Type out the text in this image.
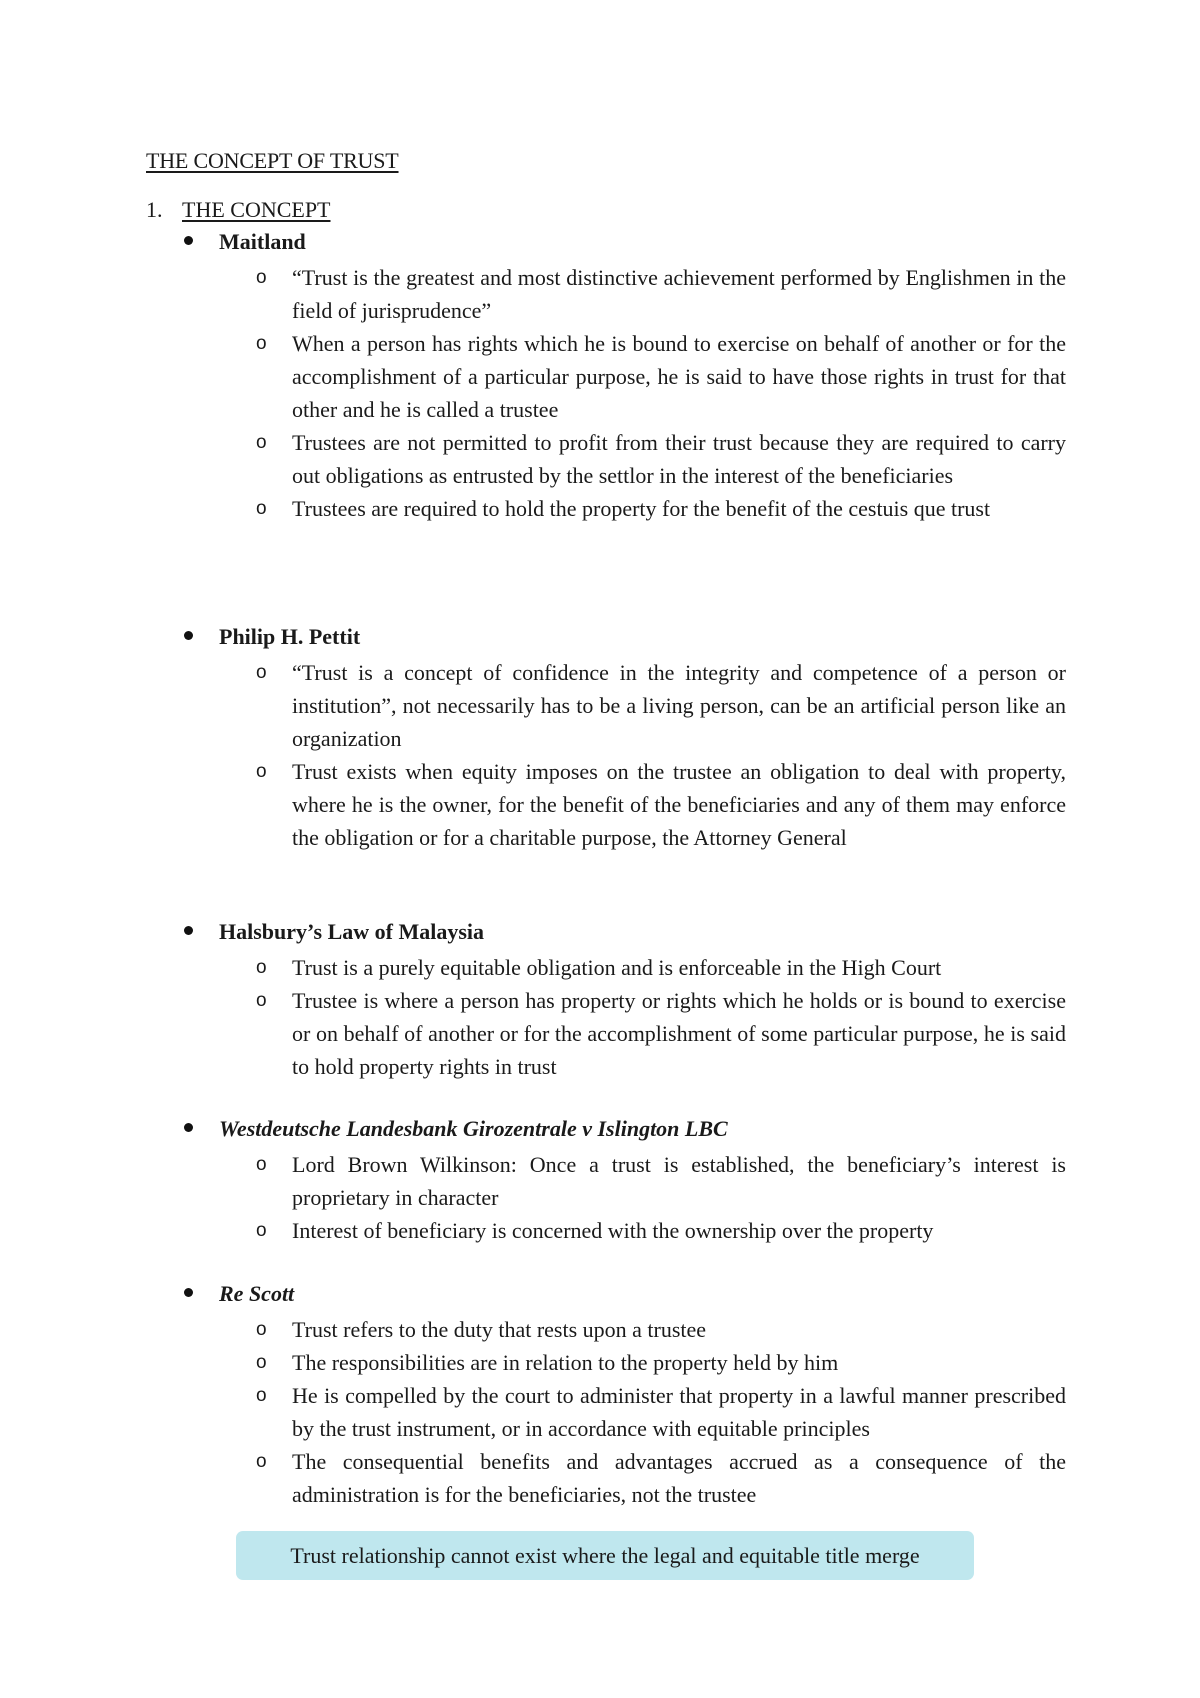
THE CONCEPT OF TRUST
1. THE CONCEPT
Maitland
o “Trust is the greatest and most distinctive achievement performed by Englishmen in the field of jurisprudence”
o When a person has rights which he is bound to exercise on behalf of another or for the accomplishment of a particular purpose, he is said to have those rights in trust for that other and he is called a trustee
o Trustees are not permitted to profit from their trust because they are required to carry out obligations as entrusted by the settlor in the interest of the beneficiaries
o Trustees are required to hold the property for the benefit of the cestuis que trust
Philip H. Pettit
o “Trust is a concept of confidence in the integrity and competence of a person or institution”, not necessarily has to be a living person, can be an artificial person like an organization
o Trust exists when equity imposes on the trustee an obligation to deal with property, where he is the owner, for the benefit of the beneficiaries and any of them may enforce the obligation or for a charitable purpose, the Attorney General
Halsbury’s Law of Malaysia
o Trust is a purely equitable obligation and is enforceable in the High Court
o Trustee is where a person has property or rights which he holds or is bound to exercise or on behalf of another or for the accomplishment of some particular purpose, he is said to hold property rights in trust
Westdeutsche Landesbank Girozentrale v Islington LBC
o Lord Brown Wilkinson: Once a trust is established, the beneficiary’s interest is proprietary in character
o Interest of beneficiary is concerned with the ownership over the property
Re Scott
o Trust refers to the duty that rests upon a trustee
o The responsibilities are in relation to the property held by him
o He is compelled by the court to administer that property in a lawful manner prescribed by the trust instrument, or in accordance with equitable principles
o The consequential benefits and advantages accrued as a consequence of the administration is for the beneficiaries, not the trustee
Trust relationship cannot exist where the legal and equitable title merge
